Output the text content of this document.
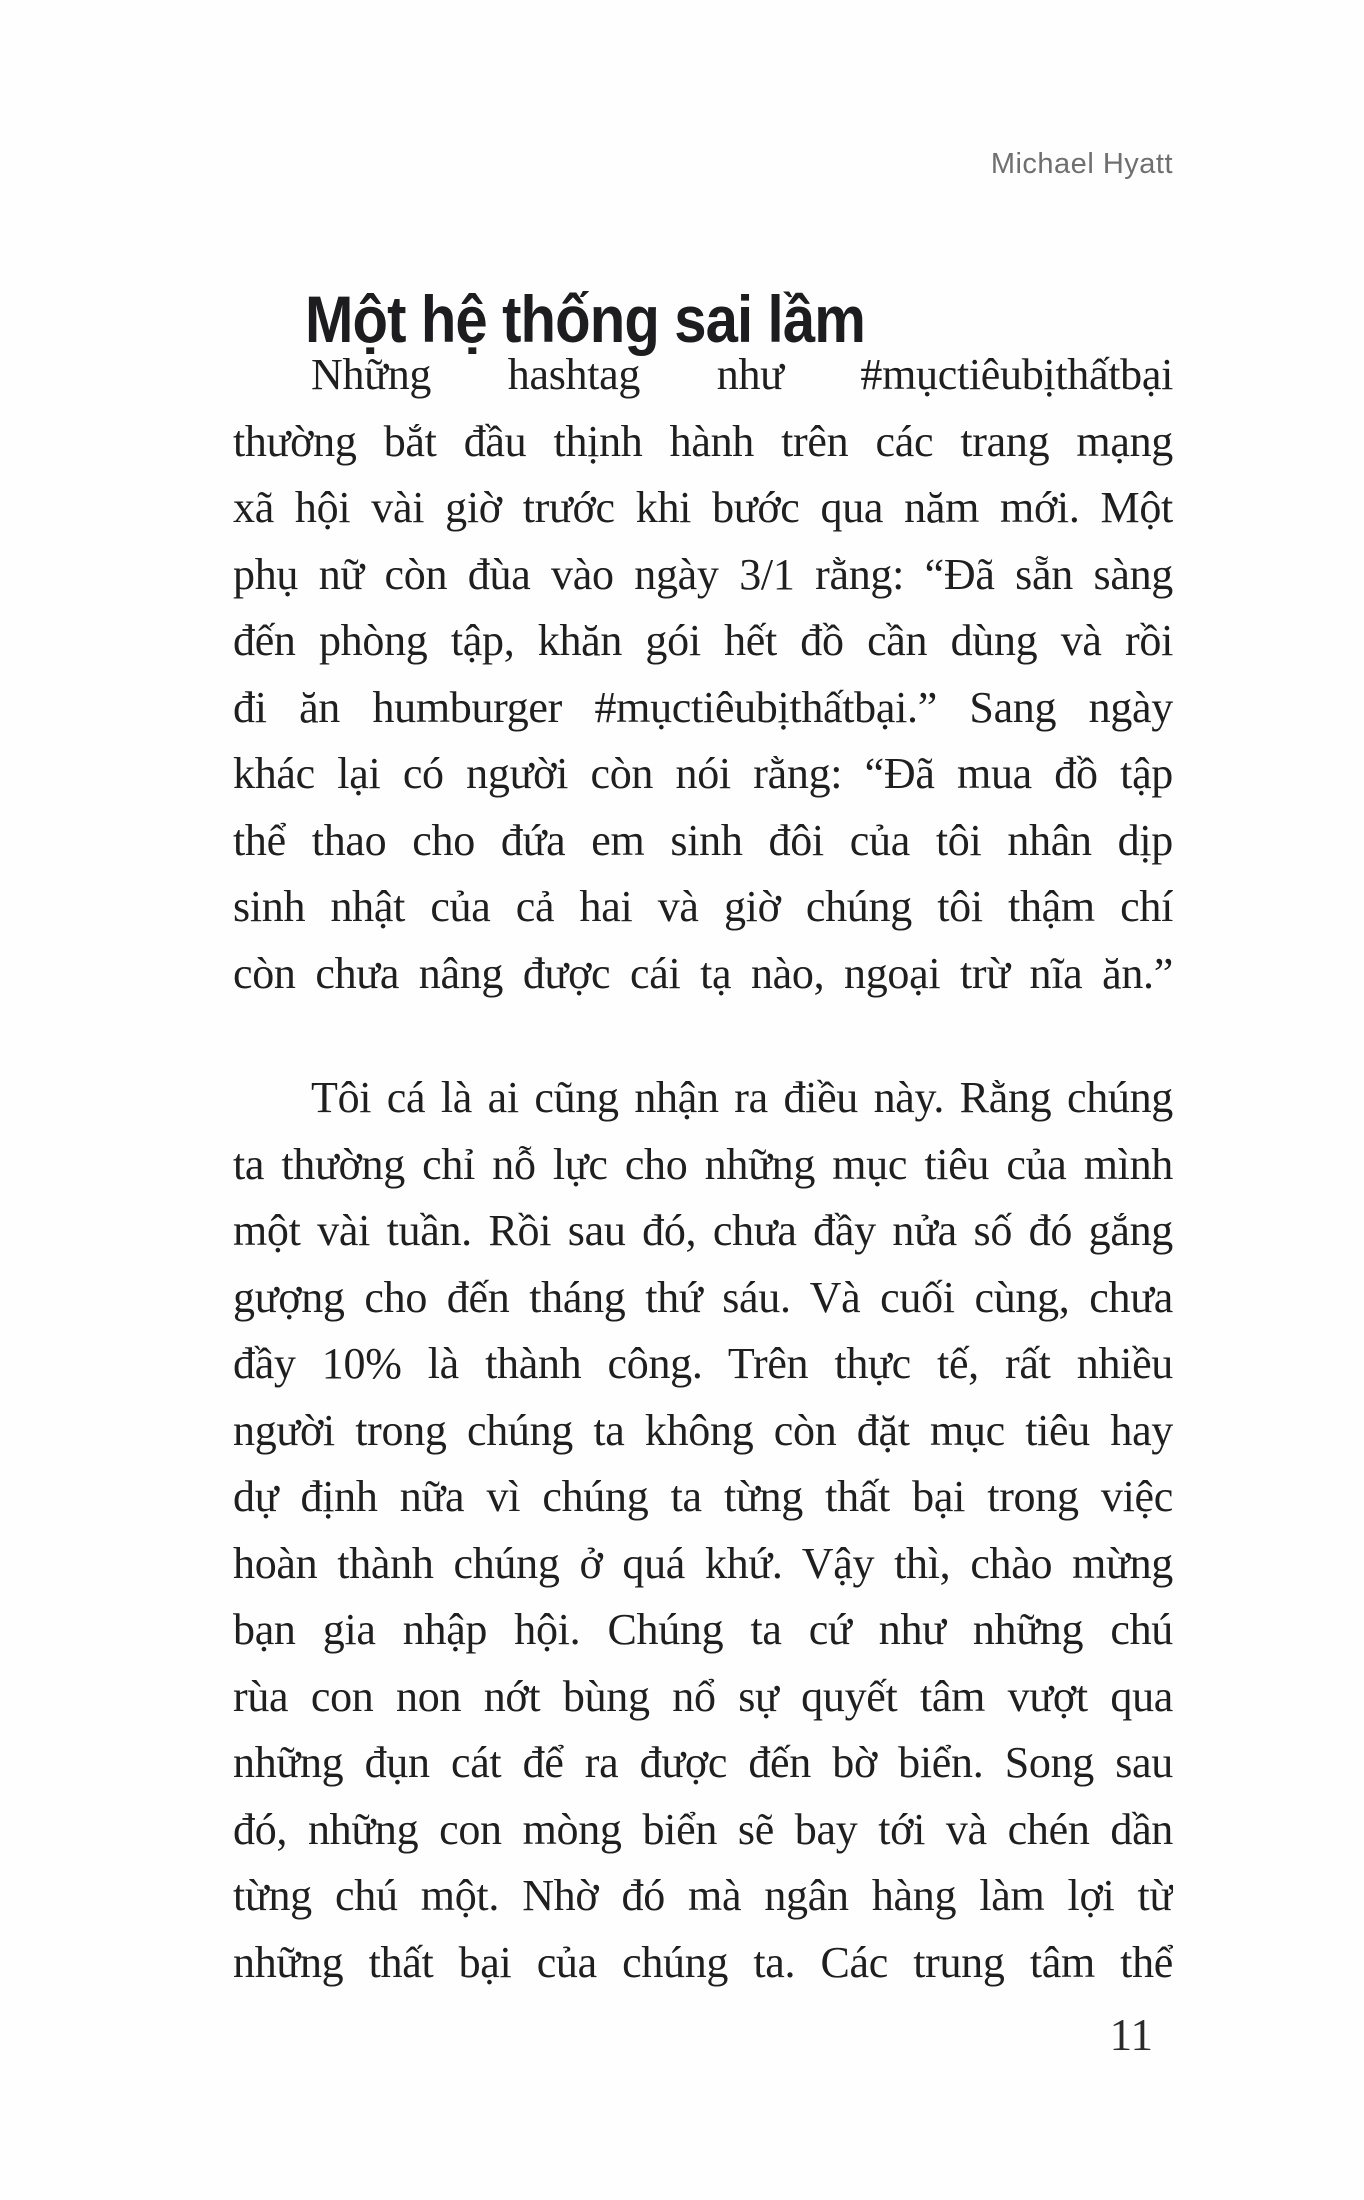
Michael Hyatt
Một hệ thống sai lầm
Những hashtag như #mụctiêubịthấtbại
thường bắt đầu thịnh hành trên các trang mạng
xã hội vài giờ trước khi bước qua năm mới. Một
phụ nữ còn đùa vào ngày 3/1 rằng: “Đã sẵn sàng
đến phòng tập, khăn gói hết đồ cần dùng và rồi
đi ăn humburger #mụctiêubịthấtbại.” Sang ngày
khác lại có người còn nói rằng: “Đã mua đồ tập
thể thao cho đứa em sinh đôi của tôi nhân dịp
sinh nhật của cả hai và giờ chúng tôi thậm chí
còn chưa nâng được cái tạ nào, ngoại trừ nĩa ăn.”
Tôi cá là ai cũng nhận ra điều này. Rằng chúng
ta thường chỉ nỗ lực cho những mục tiêu của mình
một vài tuần. Rồi sau đó, chưa đầy nửa số đó gắng
gượng cho đến tháng thứ sáu. Và cuối cùng, chưa
đầy 10% là thành công. Trên thực tế, rất nhiều
người trong chúng ta không còn đặt mục tiêu hay
dự định nữa vì chúng ta từng thất bại trong việc
hoàn thành chúng ở quá khứ. Vậy thì, chào mừng
bạn gia nhập hội. Chúng ta cứ như những chú
rùa con non nớt bùng nổ sự quyết tâm vượt qua
những đụn cát để ra được đến bờ biển. Song sau
đó, những con mòng biển sẽ bay tới và chén dần
từng chú một. Nhờ đó mà ngân hàng làm lợi từ
những thất bại của chúng ta. Các trung tâm thể
11
